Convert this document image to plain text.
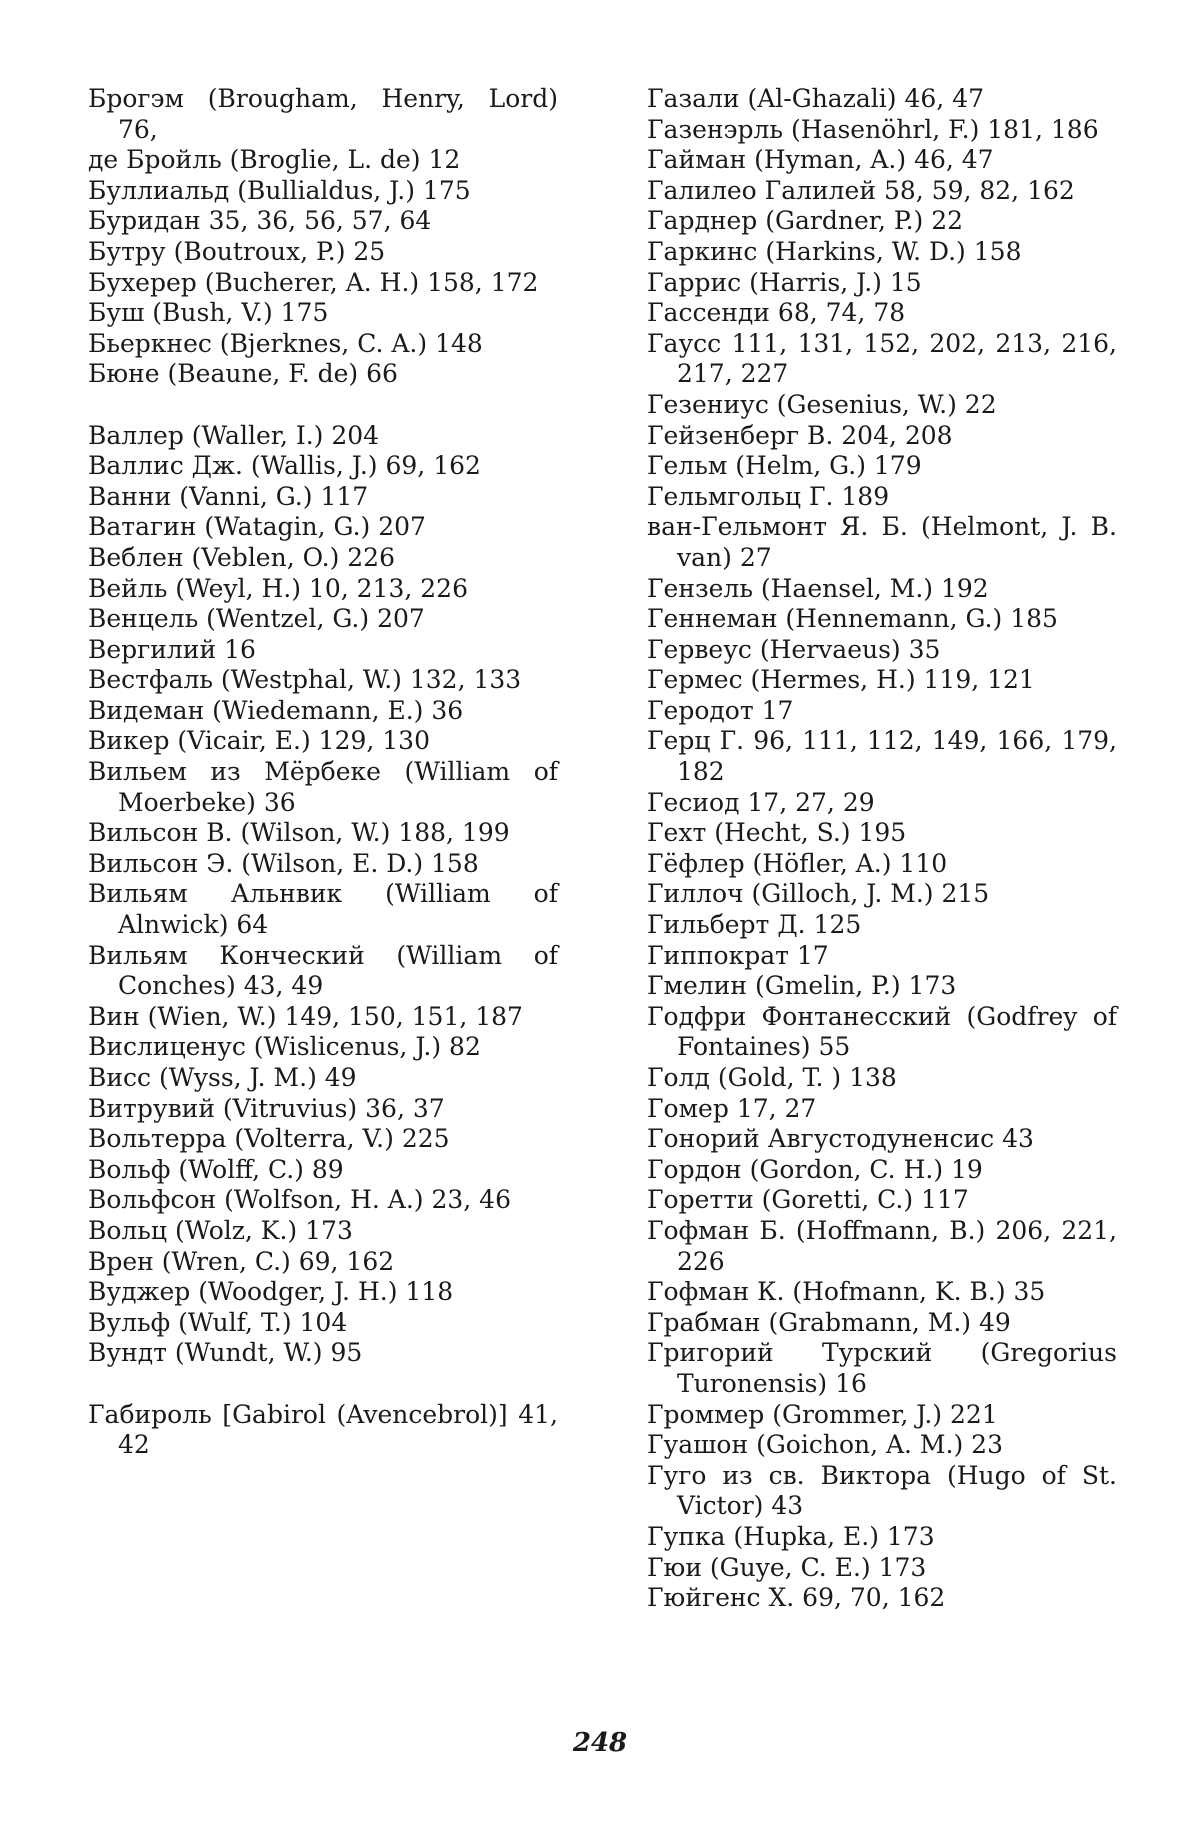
Брогэм (Brougham, Henry, Lord) 76,

де Бройль (Broglie, L. de) 12

Буллиальд (Bullialdus, J.) 175

Буридан 35, 36, 56, 57, 64

Бутру (Boutroux, P.) 25

Бухерер (Bucherer, A. H.) 158, 172

Буш (Bush, V.) 175

Бьеркнес (Bjerknes, C. A.) 148

Бюне (Beaune, F. de) 66

Валлер (Waller, I.) 204

Валлис Дж. (Wallis, J.) 69, 162

Ванни (Vanni, G.) 117

Ватагин (Watagin, G.) 207

Веблен (Veblen, O.) 226

Вейль (Weyl, H.) 10, 213, 226

Венцель (Wentzel, G.) 207

Вергилий 16

Вестфаль (Westphal, W.) 132, 133

Видеман (Wiedemann, E.) 36

Викер (Vicair, E.) 129, 130

Вильем из Мёрбеке (William of Moerbeke) 36

Вильсон В. (Wilson, W.) 188, 199

Вильсон Э. (Wilson, E. D.) 158

Вильям Альнвик (William of Alnwick) 64

Вильям Конческий (William of Conches) 43, 49

Вин (Wien, W.) 149, 150, 151, 187

Вислиценус (Wislicenus, J.) 82

Висс (Wyss, J. M.) 49

Витрувий (Vitruvius) 36, 37

Вольтерра (Volterra, V.) 225

Вольф (Wolff, C.) 89

Вольфсон (Wolfson, H. A.) 23, 46

Вольц (Wolz, K.) 173

Врен (Wren, C.) 69, 162

Вуджер (Woodger, J. H.) 118

Вульф (Wulf, T.) 104

Вундт (Wundt, W.) 95

Габироль [Gabirol (Avencebrol)] 41, 42

Газали (Al-Ghazali) 46, 47

Газенэрль (Hasenöhrl, F.) 181, 186

Гайман (Hyman, A.) 46, 47

Галилео Галилей 58, 59, 82, 162

Гарднер (Gardner, P.) 22

Гаркинс (Harkins, W. D.) 158

Гаррис (Harris, J.) 15

Гассенди 68, 74, 78

Гаусс 111, 131, 152, 202, 213, 216, 217, 227

Гезениус (Gesenius, W.) 22

Гейзенберг В. 204, 208

Гельм (Helm, G.) 179

Гельмгольц Г. 189

ван-Гельмонт Я. Б. (Helmont, J. B. van) 27

Гензель (Haensel, M.) 192

Геннеман (Hennemann, G.) 185

Гервеус (Hervaeus) 35

Гермес (Hermes, H.) 119, 121

Геродот 17

Герц Г. 96, 111, 112, 149, 166, 179, 182

Гесиод 17, 27, 29

Гехт (Hecht, S.) 195

Гёфлер (Höfler, A.) 110

Гиллоч (Gilloch, J. M.) 215

Гильберт Д. 125

Гиппократ 17

Гмелин (Gmelin, P.) 173

Годфри Фонтанесский (Godfrey of Fontaines) 55

Голд (Gold, T. ) 138

Гомер 17, 27

Гонорий Августодуненсис 43

Гордон (Gordon, C. H.) 19

Горетти (Goretti, C.) 117

Гофман Б. (Hoffmann, B.) 206, 221, 226

Гофман К. (Hofmann, K. B.) 35

Грабман (Grabmann, M.) 49

Григорий Турский (Gregorius Turonensis) 16

Громмер (Grommer, J.) 221

Гуашон (Goichon, A. M.) 23

Гуго из св. Виктора (Hugo of St. Victor) 43

Гупка (Hupka, E.) 173

Гюи (Guye, C. E.) 173

Гюйгенс X. 69, 70, 162

248
